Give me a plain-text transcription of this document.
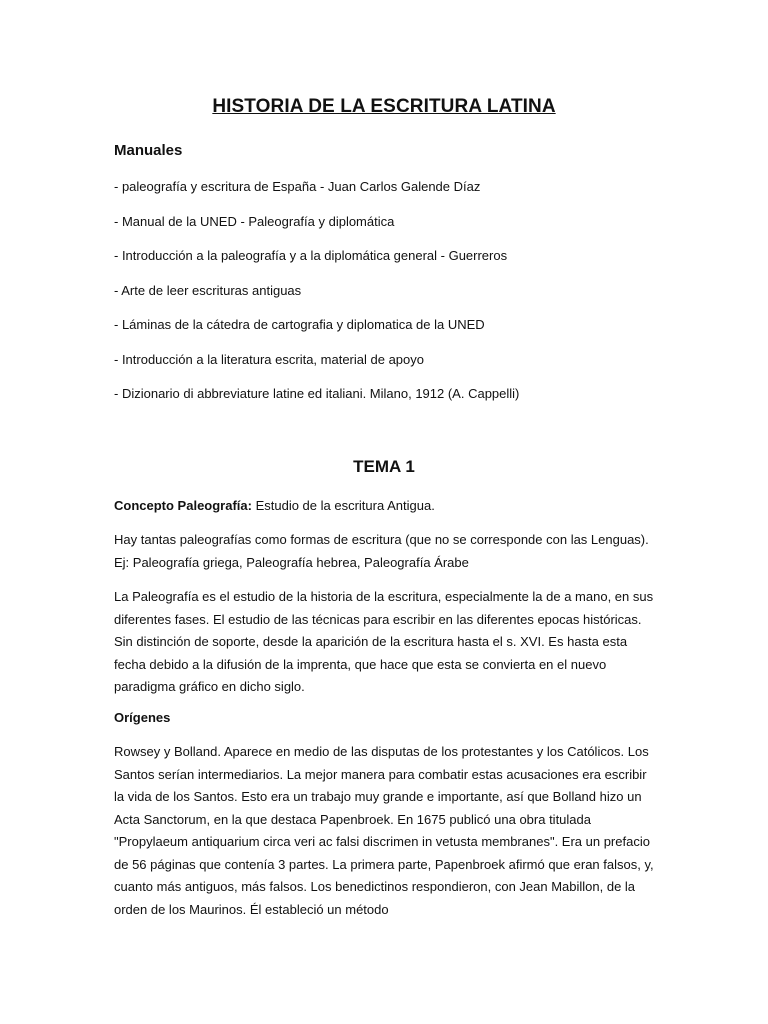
HISTORIA DE LA ESCRITURA LATINA
Manuales
- paleografía y escritura de España - Juan Carlos Galende Díaz
- Manual de la UNED - Paleografía y diplomática
- Introducción a la paleografía y a la diplomática general - Guerreros
- Arte de leer escrituras antiguas
- Láminas de la cátedra de cartografia y diplomatica de la UNED
- Introducción a la literatura escrita, material de apoyo
- Dizionario di abbreviature latine ed italiani. Milano, 1912 (A. Cappelli)
TEMA 1

Concepto Paleografía: Estudio de la escritura Antigua.

Hay tantas paleografías como formas de escritura (que no se corresponde con las Lenguas). Ej: Paleografía griega, Paleografía hebrea, Paleografía Árabe

La Paleografía es el estudio de la historia de la escritura, especialmente la de a mano, en sus diferentes fases. El estudio de las técnicas para escribir en las diferentes epocas históricas. Sin distinción de soporte, desde la aparición de la escritura hasta el s. XVI. Es hasta esta fecha debido a la difusión de la imprenta, que hace que esta se convierta en el nuevo paradigma gráfico en dicho siglo.

Orígenes

Rowsey y Bolland. Aparece en medio de las disputas de los protestantes y los Católicos. Los Santos serían intermediarios. La mejor manera para combatir estas acusaciones era escribir la vida de los Santos. Esto era un trabajo muy grande e importante, así que Bolland hizo un Acta Sanctorum, en la que destaca Papenbroek. En 1675 publicó una obra titulada "Propylaeum antiquarium circa veri ac falsi discrimen in vetusta membranes". Era un prefacio de 56 páginas que contenía 3 partes. La primera parte, Papenbroek afirmó que eran falsos, y, cuanto más antiguos, más falsos. Los benedictinos respondieron, con Jean Mabillon, de la orden de los Maurinos. Él estableció un método
